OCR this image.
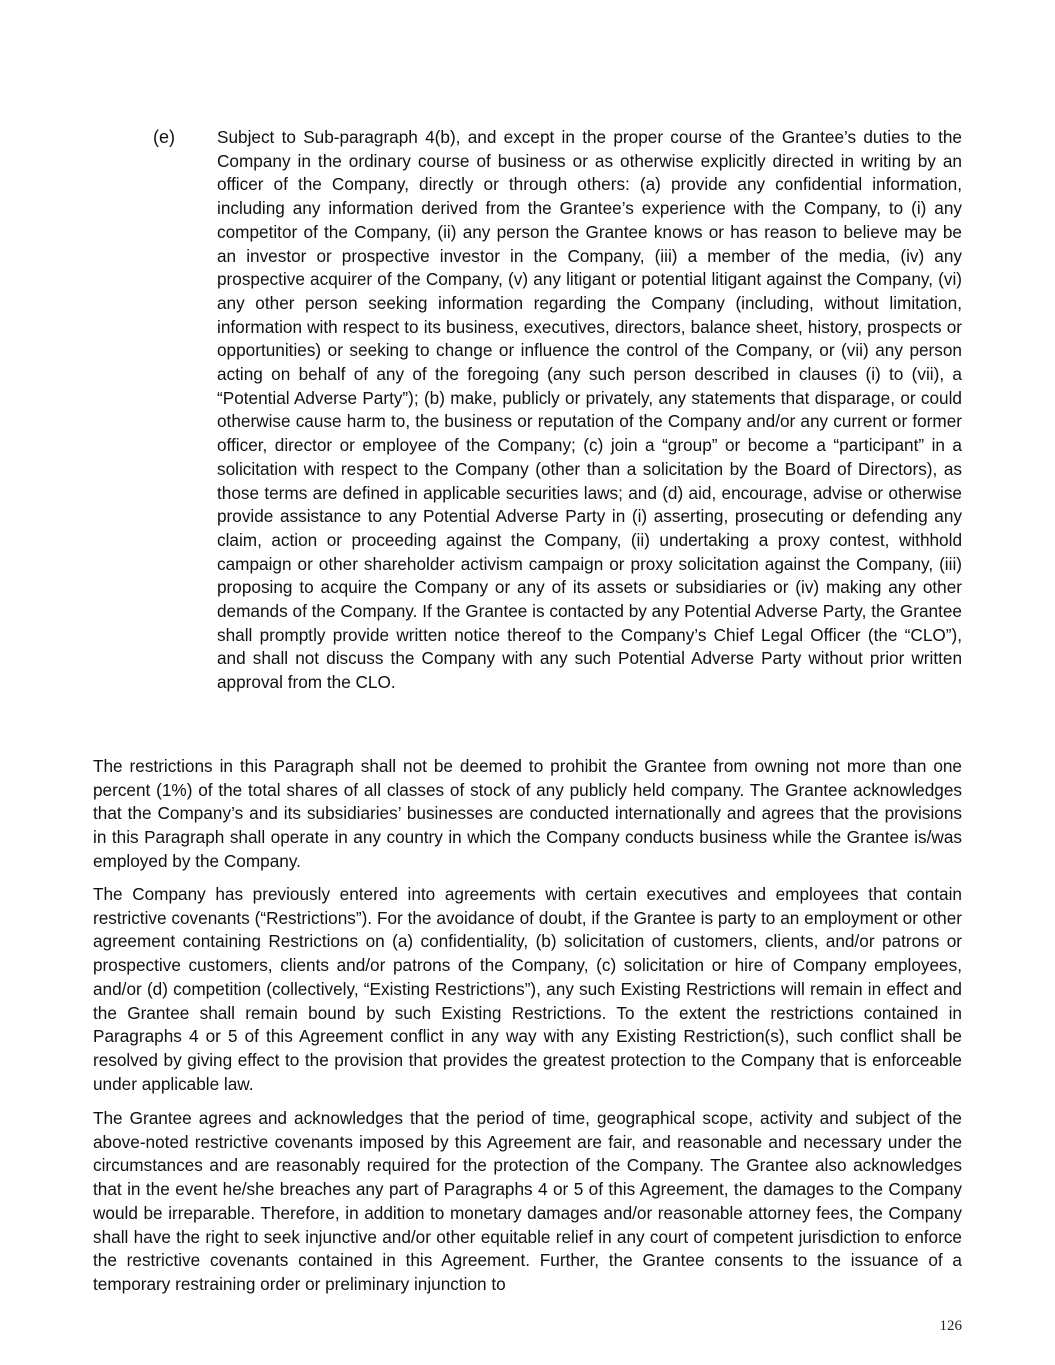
(e) Subject to Sub-paragraph 4(b), and except in the proper course of the Grantee’s duties to the Company in the ordinary course of business or as otherwise explicitly directed in writing by an officer of the Company, directly or through others: (a) provide any confidential information, including any information derived from the Grantee’s experience with the Company, to (i) any competitor of the Company, (ii) any person the Grantee knows or has reason to believe may be an investor or prospective investor in the Company, (iii) a member of the media, (iv) any prospective acquirer of the Company, (v) any litigant or potential litigant against the Company, (vi) any other person seeking information regarding the Company (including, without limitation, information with respect to its business, executives, directors, balance sheet, history, prospects or opportunities) or seeking to change or influence the control of the Company, or (vii) any person acting on behalf of any of the foregoing (any such person described in clauses (i) to (vii), a “Potential Adverse Party”); (b) make, publicly or privately, any statements that disparage, or could otherwise cause harm to, the business or reputation of the Company and/or any current or former officer, director or employee of the Company; (c) join a “group” or become a “participant” in a solicitation with respect to the Company (other than a solicitation by the Board of Directors), as those terms are defined in applicable securities laws; and (d) aid, encourage, advise or otherwise provide assistance to any Potential Adverse Party in (i) asserting, prosecuting or defending any claim, action or proceeding against the Company, (ii) undertaking a proxy contest, withhold campaign or other shareholder activism campaign or proxy solicitation against the Company, (iii) proposing to acquire the Company or any of its assets or subsidiaries or (iv) making any other demands of the Company. If the Grantee is contacted by any Potential Adverse Party, the Grantee shall promptly provide written notice thereof to the Company’s Chief Legal Officer (the “CLO”), and shall not discuss the Company with any such Potential Adverse Party without prior written approval from the CLO.

The restrictions in this Paragraph shall not be deemed to prohibit the Grantee from owning not more than one percent (1%) of the total shares of all classes of stock of any publicly held company. The Grantee acknowledges that the Company’s and its subsidiaries’ businesses are conducted internationally and agrees that the provisions in this Paragraph shall operate in any country in which the Company conducts business while the Grantee is/was employed by the Company.

The Company has previously entered into agreements with certain executives and employees that contain restrictive covenants (“Restrictions”). For the avoidance of doubt, if the Grantee is party to an employment or other agreement containing Restrictions on (a) confidentiality, (b) solicitation of customers, clients, and/or patrons or prospective customers, clients and/or patrons of the Company, (c) solicitation or hire of Company employees, and/or (d) competition (collectively, “Existing Restrictions”), any such Existing Restrictions will remain in effect and the Grantee shall remain bound by such Existing Restrictions. To the extent the restrictions contained in Paragraphs 4 or 5 of this Agreement conflict in any way with any Existing Restriction(s), such conflict shall be resolved by giving effect to the provision that provides the greatest protection to the Company that is enforceable under applicable law.

The Grantee agrees and acknowledges that the period of time, geographical scope, activity and subject of the above-noted restrictive covenants imposed by this Agreement are fair, and reasonable and necessary under the circumstances and are reasonably required for the protection of the Company. The Grantee also acknowledges that in the event he/she breaches any part of Paragraphs 4 or 5 of this Agreement, the damages to the Company would be irreparable. Therefore, in addition to monetary damages and/or reasonable attorney fees, the Company shall have the right to seek injunctive and/or other equitable relief in any court of competent jurisdiction to enforce the restrictive covenants contained in this Agreement. Further, the Grantee consents to the issuance of a temporary restraining order or preliminary injunction to

126
